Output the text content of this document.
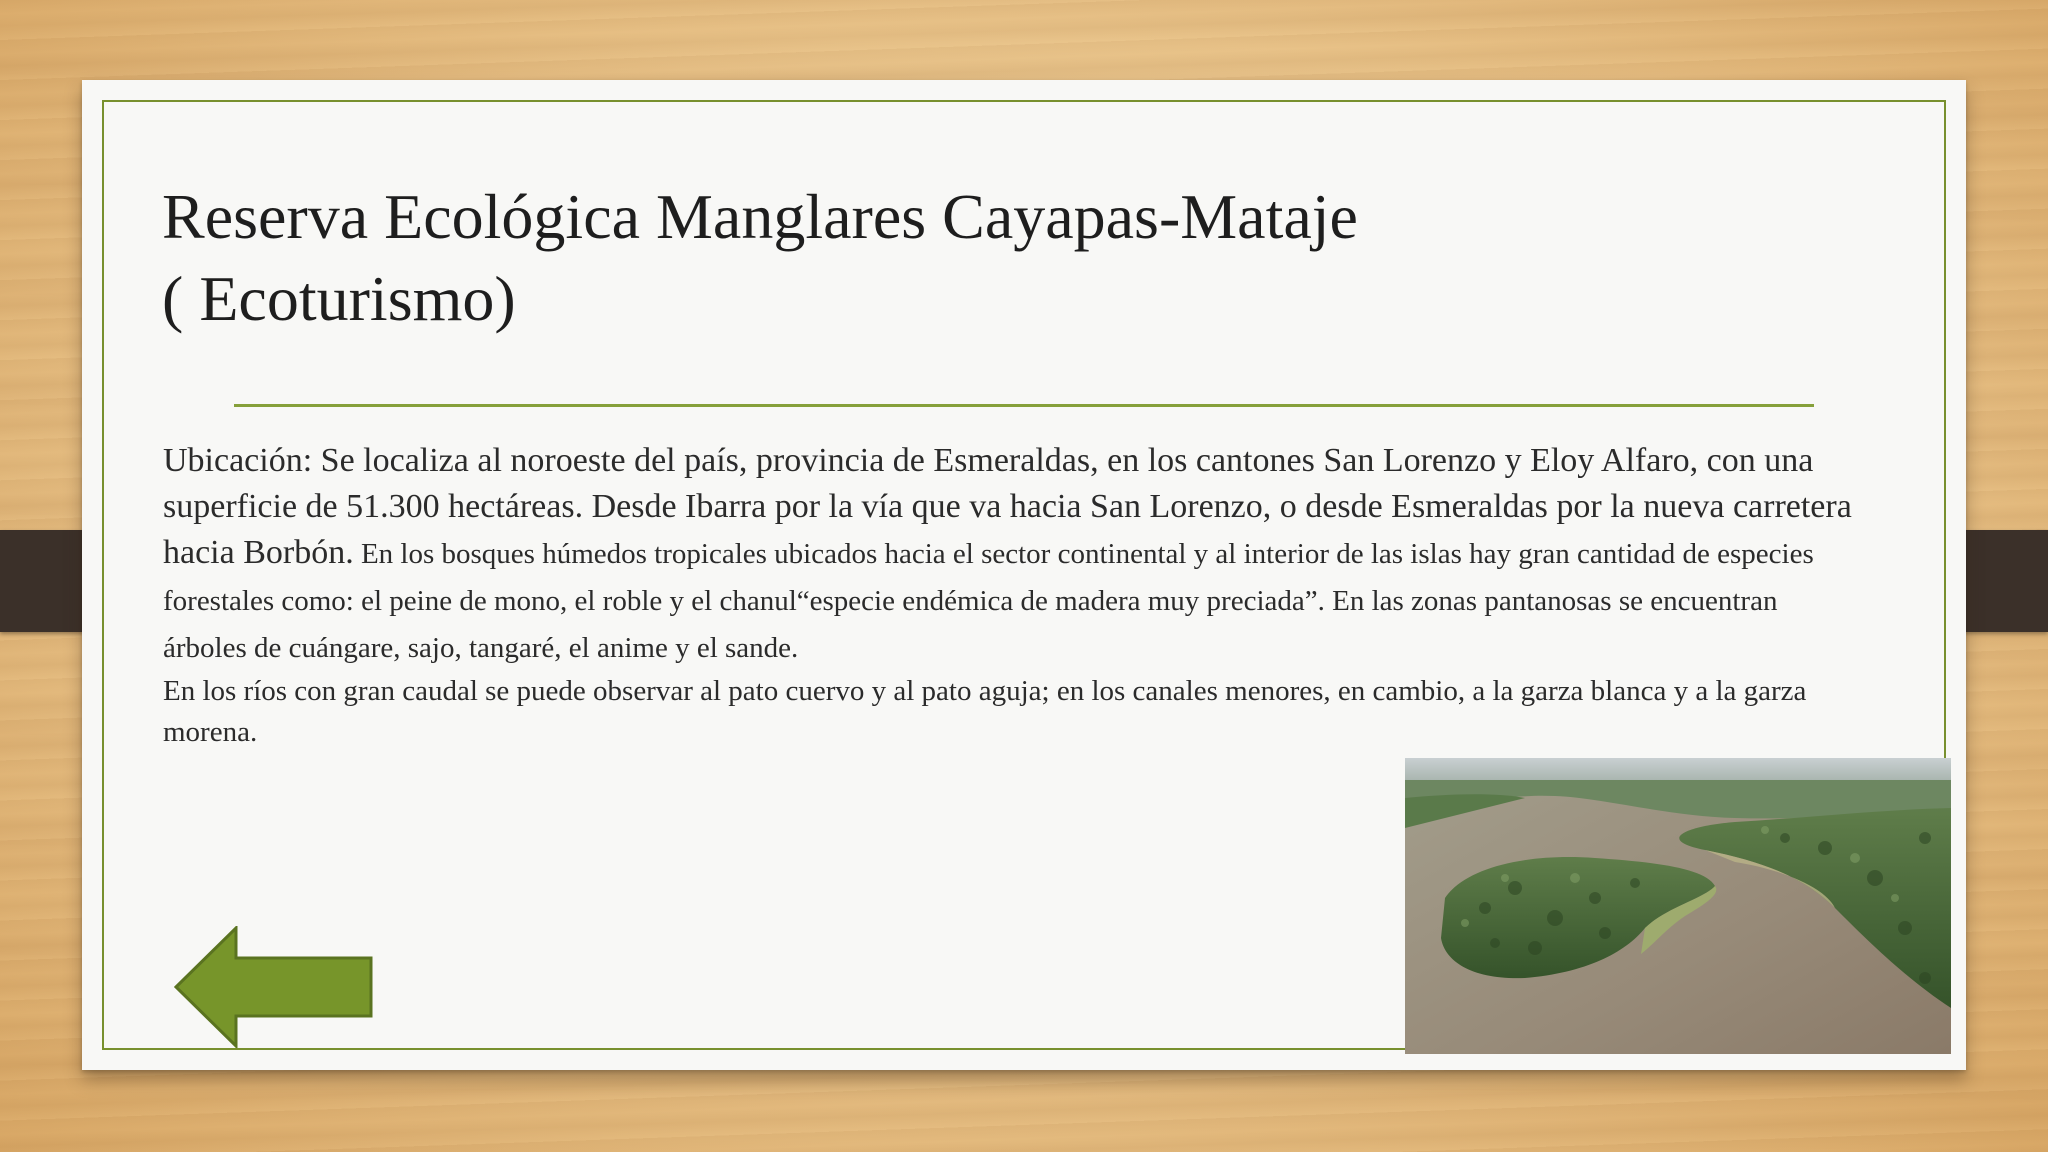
Reserva Ecológica Manglares Cayapas-Mataje
( Ecoturismo)

Ubicación: Se localiza al noroeste del país, provincia de Esmeraldas, en los cantones San Lorenzo y Eloy Alfaro, con una superficie de 51.300 hectáreas. Desde Ibarra por la vía que va hacia San Lorenzo, o desde Esmeraldas por la nueva carretera hacia Borbón. En los bosques húmedos tropicales ubicados hacia el sector continental y al interior de las islas hay gran cantidad de especies forestales como: el peine de mono, el roble y el chanul“especie endémica de madera muy preciada”. En las zonas pantanosas se encuentran árboles de cuángare, sajo, tangaré, el anime y el sande.

En los ríos con gran caudal se puede observar al pato cuervo y al pato aguja; en los canales menores, en cambio, a la garza blanca y a la garza morena.
